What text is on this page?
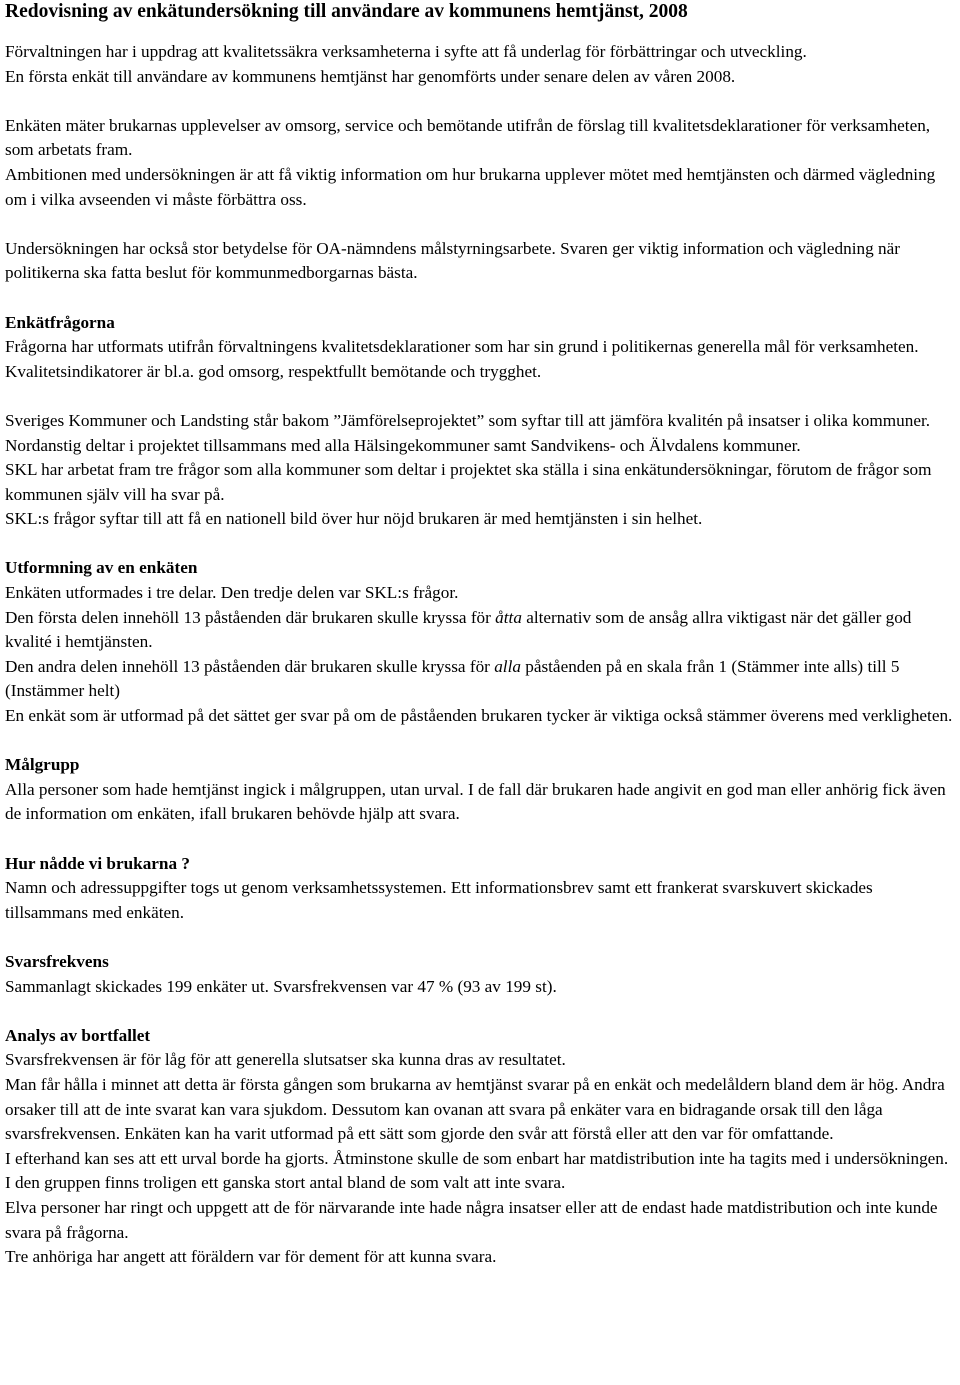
Redovisning av enkätundersökning till användare av kommunens hemtjänst, 2008

Förvaltningen har i uppdrag att kvalitetssäkra verksamheterna i syfte att få underlag för förbättringar och utveckling.

En första enkät till användare av kommunens hemtjänst har genomförts under senare delen av våren 2008.

Enkäten mäter brukarnas upplevelser av omsorg, service och bemötande utifrån de förslag till kvalitetsdeklarationer för verksamheten, som arbetats fram.

Ambitionen med undersökningen är att få viktig information om hur brukarna upplever mötet med hemtjänsten och därmed vägledning om i vilka avseenden vi måste förbättra oss.

Undersökningen har också stor betydelse för OA-nämndens målstyrningsarbete. Svaren ger viktig information och vägledning när politikerna ska fatta beslut för kommunmedborgarnas bästa.

Enkätfrågorna

Frågorna har utformats utifrån förvaltningens kvalitetsdeklarationer som har sin grund i politikernas generella mål för verksamheten. Kvalitetsindikatorer är bl.a. god omsorg, respektfullt bemötande och trygghet.

Sveriges Kommuner och Landsting står bakom ”Jämförelseprojektet” som syftar till att jämföra kvalitén på insatser i olika kommuner. Nordanstig deltar i projektet tillsammans med alla Hälsingekommuner samt Sandvikens- och Älvdalens kommuner.

SKL har arbetat fram tre frågor som alla kommuner som deltar i projektet ska ställa i sina enkätundersökningar, förutom de frågor som kommunen själv vill ha svar på.

SKL:s frågor syftar till att få en nationell bild över hur nöjd brukaren är med hemtjänsten i sin helhet.

Utformning av en enkäten

Enkäten utformades i tre delar. Den tredje delen var SKL:s frågor.

Den första delen innehöll 13 påståenden där brukaren skulle kryssa för åtta alternativ som de ansåg allra viktigast när det gäller god kvalité i hemtjänsten.

Den andra delen innehöll 13 påståenden där brukaren skulle kryssa för alla påståenden på en skala från 1 (Stämmer inte alls) till 5 (Instämmer helt)

En enkät som är utformad på det sättet ger svar på om de påståenden brukaren tycker är viktiga också stämmer överens med verkligheten.

Målgrupp

Alla personer som hade hemtjänst ingick i målgruppen, utan urval. I de fall där brukaren hade angivit en god man eller anhörig fick även de information om enkäten, ifall brukaren behövde hjälp att svara.

Hur nådde vi brukarna ?

Namn och adressuppgifter togs ut genom verksamhetssystemen. Ett informationsbrev samt ett frankerat svarskuvert skickades tillsammans med enkäten.

Svarsfrekvens

Sammanlagt skickades 199 enkäter ut. Svarsfrekvensen var 47 % (93 av 199 st).

Analys av bortfallet

Svarsfrekvensen är för låg för att generella slutsatser ska kunna dras av resultatet.

Man får hålla i minnet att detta är första gången som brukarna av hemtjänst svarar på en enkät och medelåldern bland dem är hög. Andra orsaker till att de inte svarat kan vara sjukdom. Dessutom kan ovanan att svara på enkäter vara en bidragande orsak till den låga svarsfrekvensen. Enkäten kan ha varit utformad på ett sätt som gjorde den svår att förstå eller att den var för omfattande.

I efterhand kan ses att ett urval borde ha gjorts. Åtminstone skulle de som enbart har matdistribution inte ha tagits med i undersökningen. I den gruppen finns troligen ett ganska stort antal bland de som valt att inte svara.

Elva personer har ringt och uppgett att de för närvarande inte hade några insatser eller att de endast hade matdistribution och inte kunde svara på frågorna.

Tre anhöriga har angett att föräldern var för dement för att kunna svara.
